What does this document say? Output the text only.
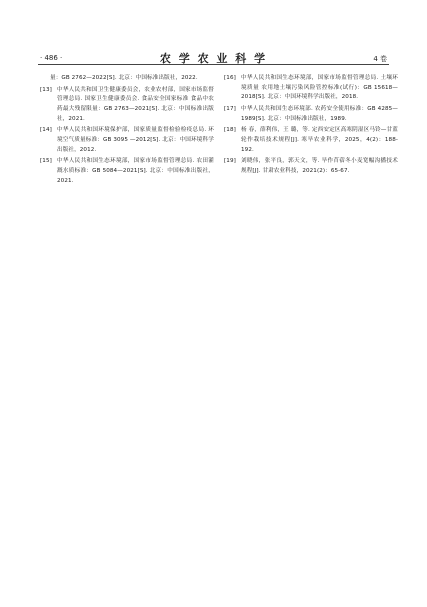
· 486 ·	农 学 农 业 科 学	4 卷
量：GB 2762—2022[S]. 北京：中国标准出版社，2022.
[13] 中华人民共和国卫生健康委员会，农业农村部，国家市场监督管理总局. 国家卫生健康委员会. 食品安全国家标准 食品中农药最大残留限量：GB 2763—2021[S]. 北京：中国标准出版社，2021.
[14] 中华人民共和国环境保护部，国家质量监督检验检疫总局. 环境空气质量标准：GB 3095 —2012[S]. 北京：中国环境科学出版社，2012.
[15] 中华人民共和国生态环境部，国家市场监督管理总局. 农田灌溉水质标准：GB 5084—2021[S]. 北京：中国标准出版社，2021.
[16] 中华人民共和国生态环境部，国家市场监督管理总局. 土壤环境质量 农用地土壤污染风险管控标准(试行)：GB 15618—2018[S]. 北京：中国环境科学出版社，2018.
[17] 中华人民共和国生态环境部. 农药安全使用标准：GB 4285—1989[S]. 北京：中国标准出版社，1989.
[18] 杨 春，薛利伟，王 璐，等. 定西安定区高寒阴湿区马铃—甘蓝轮作栽培技术规程[J]. 寒旱农业科学，2025，4(2)：188-192.
[19] 刘晓伟，张平良，郭天文，等. 旱作苜蓿冬小麦宽幅沟播技术规程[J]. 甘肃农业科技，2021(2)：65-67.
